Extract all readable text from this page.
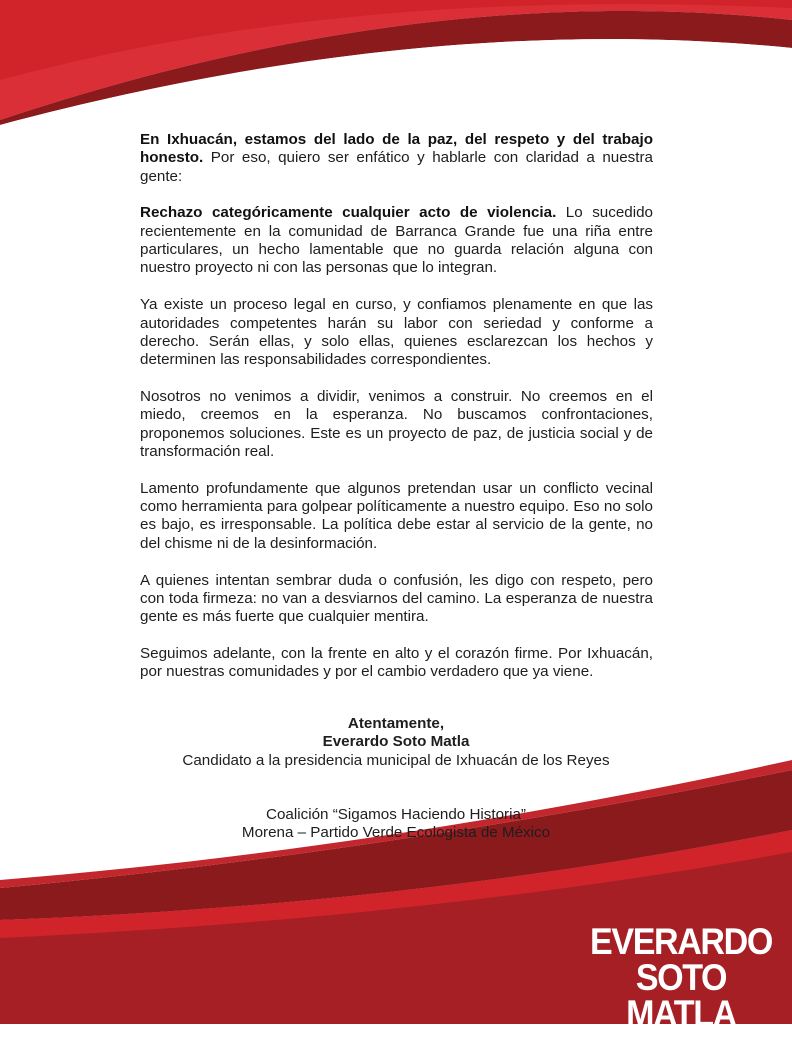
En Ixhuacán, estamos del lado de la paz, del respeto y del trabajo honesto. Por eso, quiero ser enfático y hablarle con claridad a nuestra gente:

Rechazo categóricamente cualquier acto de violencia. Lo sucedido recientemente en la comunidad de Barranca Grande fue una riña entre particulares, un hecho lamentable que no guarda relación alguna con nuestro proyecto ni con las personas que lo integran.

Ya existe un proceso legal en curso, y confiamos plenamente en que las autoridades competentes harán su labor con seriedad y conforme a derecho. Serán ellas, y solo ellas, quienes esclarezcan los hechos y determinen las responsabilidades correspondientes.

Nosotros no venimos a dividir, venimos a construir. No creemos en el miedo, creemos en la esperanza. No buscamos confrontaciones, proponemos soluciones. Este es un proyecto de paz, de justicia social y de transformación real.

Lamento profundamente que algunos pretendan usar un conflicto vecinal como herramienta para golpear políticamente a nuestro equipo. Eso no solo es bajo, es irresponsable. La política debe estar al servicio de la gente, no del chisme ni de la desinformación.

A quienes intentan sembrar duda o confusión, les digo con respeto, pero con toda firmeza: no van a desviarnos del camino. La esperanza de nuestra gente es más fuerte que cualquier mentira.

Seguimos adelante, con la frente en alto y el corazón firme. Por Ixhuacán, por nuestras comunidades y por el cambio verdadero que ya viene.

Atentamente,
Everardo Soto Matla
Candidato a la presidencia municipal de Ixhuacán de los Reyes
Coalición “Sigamos Haciendo Historia”
Morena – Partido Verde Ecologista de México
EVERARDO
SOTO MATLA
IXHUACÁN DE LOS REYES
